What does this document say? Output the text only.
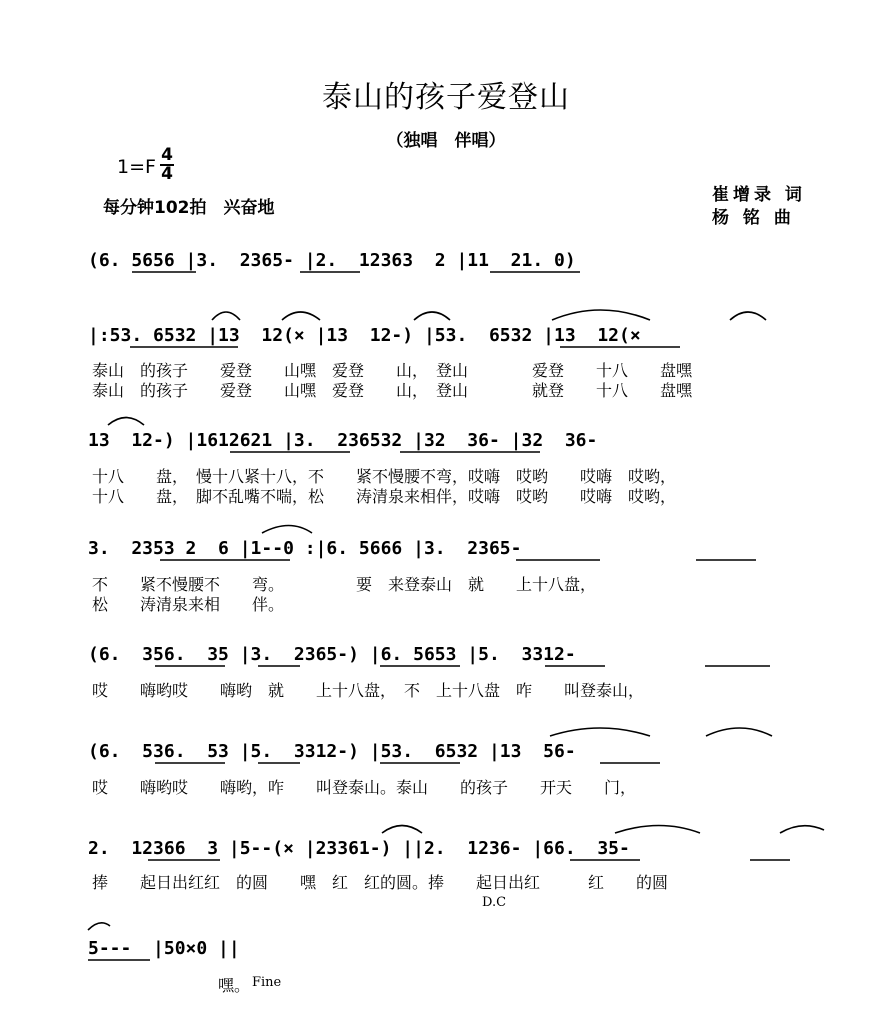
泰山的孩子爱登山
（独唱　伴唱）
1=F
4
4
每分钟102拍　兴奋地
崔增录 词
杨 铭 曲
(6. 5656 |3.  2365- |2.  12363  2 |11  21. 0)
|:53. 6532 |13  12(× |13  12-) |53.  6532 |13  12(×
泰山　的孩子　　爱登　　山嘿　爱登　　山，　登山　　　　爱登　　十八　　盘嘿
泰山　的孩子　　爱登　　山嘿　爱登　　山，　登山　　　　就登　　十八　　盘嘿
13  12-) |1612621 |3.  236532 |32  36- |32  36-
十八　　盘，　慢十八紧十八，不　　紧不慢腰不弯，哎嗨　哎哟　　哎嗨　哎哟，
十八　　盘，　脚不乱嘴不喘，松　　涛清泉来相伴，哎嗨　哎哟　　哎嗨　哎哟，
3.  2353 2  6 |1--0 :|6. 5666 |3.  2365-
不　　紧不慢腰不　　弯。　　　　　要　来登泰山　就　　上十八盘，
松　　涛清泉来相　　伴。
(6.  356.  35 |3.  2365-) |6. 5653 |5.  3312-
哎　　嗨哟哎　　嗨哟　就　　上十八盘，　不　上十八盘　咋　　叫登泰山，
(6.  536.  53 |5.  3312-) |53.  6532 |13  56-
哎　　嗨哟哎　　嗨哟，咋　　叫登泰山。泰山　　的孩子　　开天　　门，
2.  12366  3 |5--(× |23361-) ||2.  1236- |66.  35-
捧　　起日出红红　的圆　　嘿　红　红的圆。捧　　起日出红　　　红　　的圆
D.C
5---  |50×0 ||
嘿。 Fine
